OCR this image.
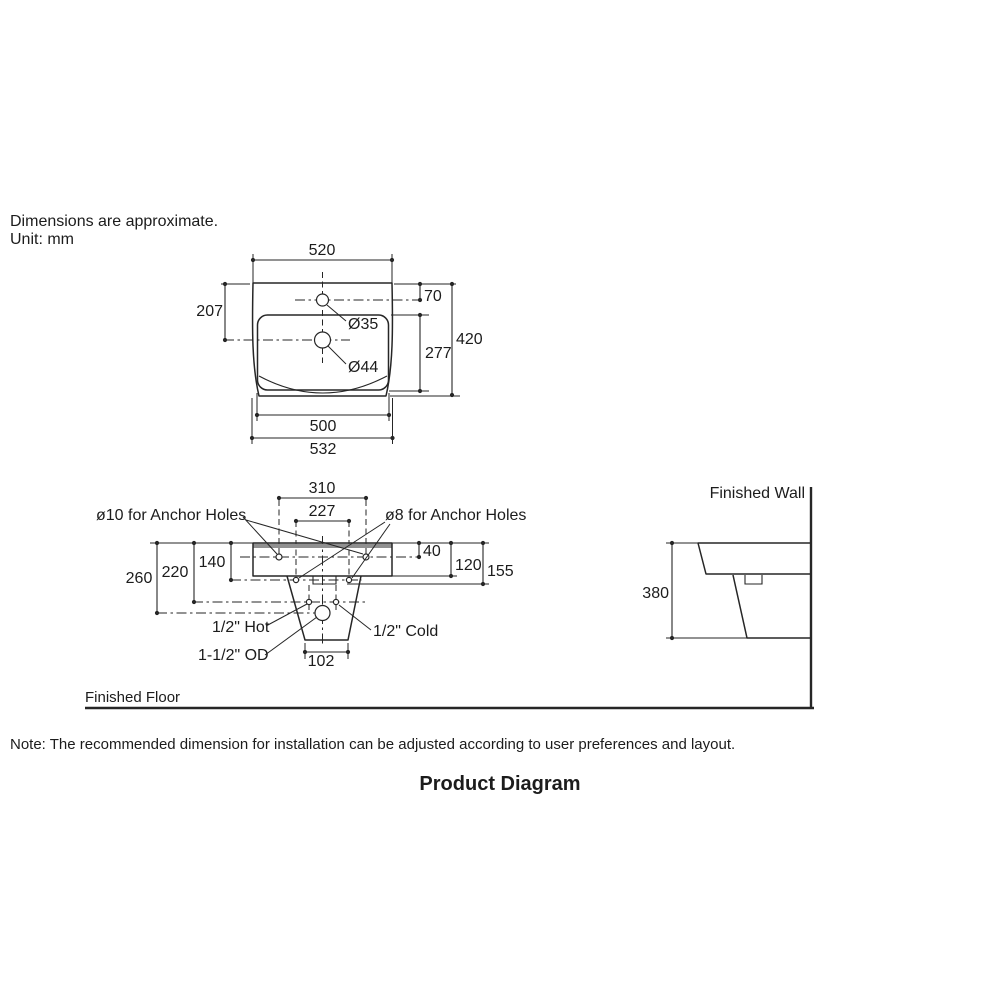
Dimensions are approximate.
Unit: mm
520
70
207
277
420
Ø35
Ø44
500
532
310
227
ø10 for Anchor Holes	ø8 for Anchor Holes
140
220
260
40
120 155
1/2" Hot	1/2" Cold
1-1/2" OD 102
Finished Wall
380
Finished Floor
Note: The recommended dimension for installation can be adjusted according to user preferences and layout.
Product Diagram
